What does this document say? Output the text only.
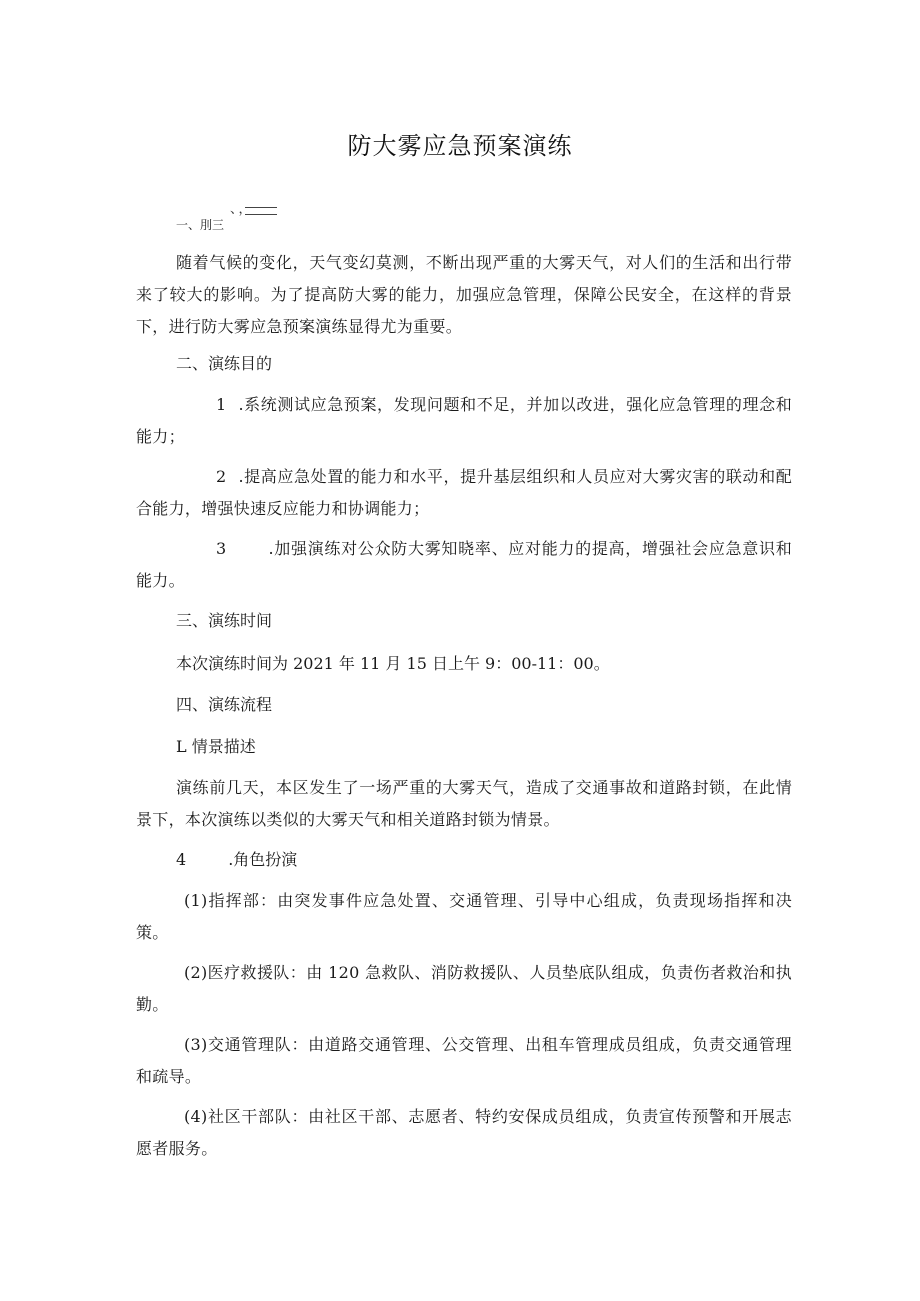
防大雾应急预案演练
、，
一、刖三
随着气候的变化，天气变幻莫测，不断出现严重的大雾天气，对人们的生活和出行带来了较大的影响。为了提高防大雾的能力，加强应急管理，保障公民安全，在这样的背景下，进行防大雾应急预案演练显得尤为重要。
二、演练目的
1 .系统测试应急预案，发现问题和不足，并加以改进，强化应急管理的理念和能力；
2 .提高应急处置的能力和水平，提升基层组织和人员应对大雾灾害的联动和配合能力，增强快速反应能力和协调能力；
3	.加强演练对公众防大雾知晓率、应对能力的提高，增强社会应急意识和能力。
三、演练时间
本次演练时间为 2021 年 11 月 15 日上午 9：00-11：00。
四、演练流程
L 情景描述
演练前几天，本区发生了一场严重的大雾天气，造成了交通事故和道路封锁，在此情景下，本次演练以类似的大雾天气和相关道路封锁为情景。
4	.角色扮演
(1)指挥部：由突发事件应急处置、交通管理、引导中心组成，负责现场指挥和决策。
(2)医疗救援队：由 120 急救队、消防救援队、人员垫底队组成，负责伤者救治和执勤。
(3)交通管理队：由道路交通管理、公交管理、出租车管理成员组成，负责交通管理和疏导。
(4)社区干部队：由社区干部、志愿者、特约安保成员组成，负责宣传预警和开展志愿者服务。
